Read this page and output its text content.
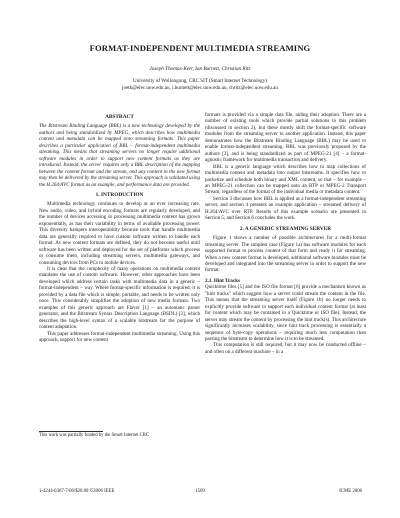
FORMAT-INDEPENDENT MULTIMEDIA STREAMING
Joseph Thomas-Kerr, Ian Burnett, Christian Ritz
University of Wollongong, CRC SIT (Smart Internet Technology)
joetk@elec.uow.edu.au, i.burnett@elec.uow.edu.au, chritz@elec.uow.edu.au
ABSTRACT

The Bitstream Binding Language (BBL) is a new technology developed by the authors and being standardized by MPEG, which describes how multimedia content and metadata can be mapped onto streaming formats. This paper describes a particular application of BBL – format-independent multimedia streaming. This means that streaming servers no longer require additional software modules in order to support new content formats as they are introduced. Instead, the server requires only a BBL description of the mapping between the content format and the stream, and any content in the new format may then be delivered by the streaming server. This approach is validated using the H.264/AVC format as an example, and performance data are provided.

1. INTRODUCTION

Multimedia technology continues to develop at an ever increasing rate. New audio, video, and hybrid encoding formats are regularly developed, and the number of devices accessing or processing multimedia content has grown exponentially, as has their variability in terms of available processing power. This diversity hampers interoperability because tools that handle multimedia data are generally required to have custom software written to handle each format. As new content formats are defined, they do not become useful until software has been written and deployed for the set of platforms which process or consume them, including streaming servers, multimedia gateways, and consuming devices from PCs to mobile devices.

It is clear that the complexity of many operations on multimedia content mandates the use of custom software. However, other approaches have been developed which address certain tasks with multimedia data in a generic – format-independent – way. Where format-specific information is required, it is provided by a data file which is simple, portable, and needs to be written only once. This considerably simplifies the adoption of new media formats. Two examples of this generic approach are Flavor [1] – an automatic parser generator, and the Bitstream Syntax Description Language (BSDL) [2], which describes the high-level syntax of a scalable bitstream for the purpose of content adaptation.

This paper addresses format-independent multimedia streaming. Using this approach, support for new content

This work was partially funded by the Smart Internet CRC

formats is provided via a simple data file, aiding their adoption. There are a number of existing tools which provide partial solutions to this problem (discussed in section 2), but these mostly shift the format-specific software modules from the streaming server to another application. Instead, this paper demonstrates how the Bitstream Binding Language (BBL) may be used to enable format-independent streaming. BBL was previously proposed by the authors [3], and is being standardized as part of MPEG-21 [4] – a format-agnostic framework for multimedia transaction and delivery.

BBL is a generic language which describes how to map collections of multimedia content and metadata into output bitstreams. It specifies how to packetize and schedule both binary and XML content, so that – for example – an MPEG-21 collection can be mapped onto an RTP or MPEG-2 Transport Stream, regardless of the format of the individual media or metadata content.

Section 3 discusses how BBL is applied as a format-independent streaming server, and section 4 presents an example application – streamed delivery of H.264/AVC over RTP. Results of this example scenario are presented in Section 5, and Section 6 concludes the work.

2. A GENERIC STREAMING SERVER

Figure 1 shows a number of possible architectures for a multi-format streaming server. The simplest case (Figure 1a) has software modules for each supported format to process content of that form and ready it for streaming. When a new content format is developed, additional software modules must be developed and integrated into the streaming server in order to support the new format.

2.1. Hint Tracks

Quicktime files [5] and the ISO file format [6] provide a mechanism known as "hint tracks" which suggest how a server could stream the content in the file. This means that the streaming server itself (Figure 1b) no longer needs to explicitly provide software to support each individual content format (at least for content which may be contained in a Quicktime or ISO file). Instead, the server may stream the content by processing the hint track(s). This architecture significantly increases scalability, since hint track processing is essentially a sequence of byte-copy operations – requiring much less computation than parsing the bitstream to determine how it is to be streamed.

This computation is still required, but it may now be conducted offline – and often on a different machine – in a

1-4244-0367-7/06/$20.00 ©2006 IEEE	1509	ICME 2006
